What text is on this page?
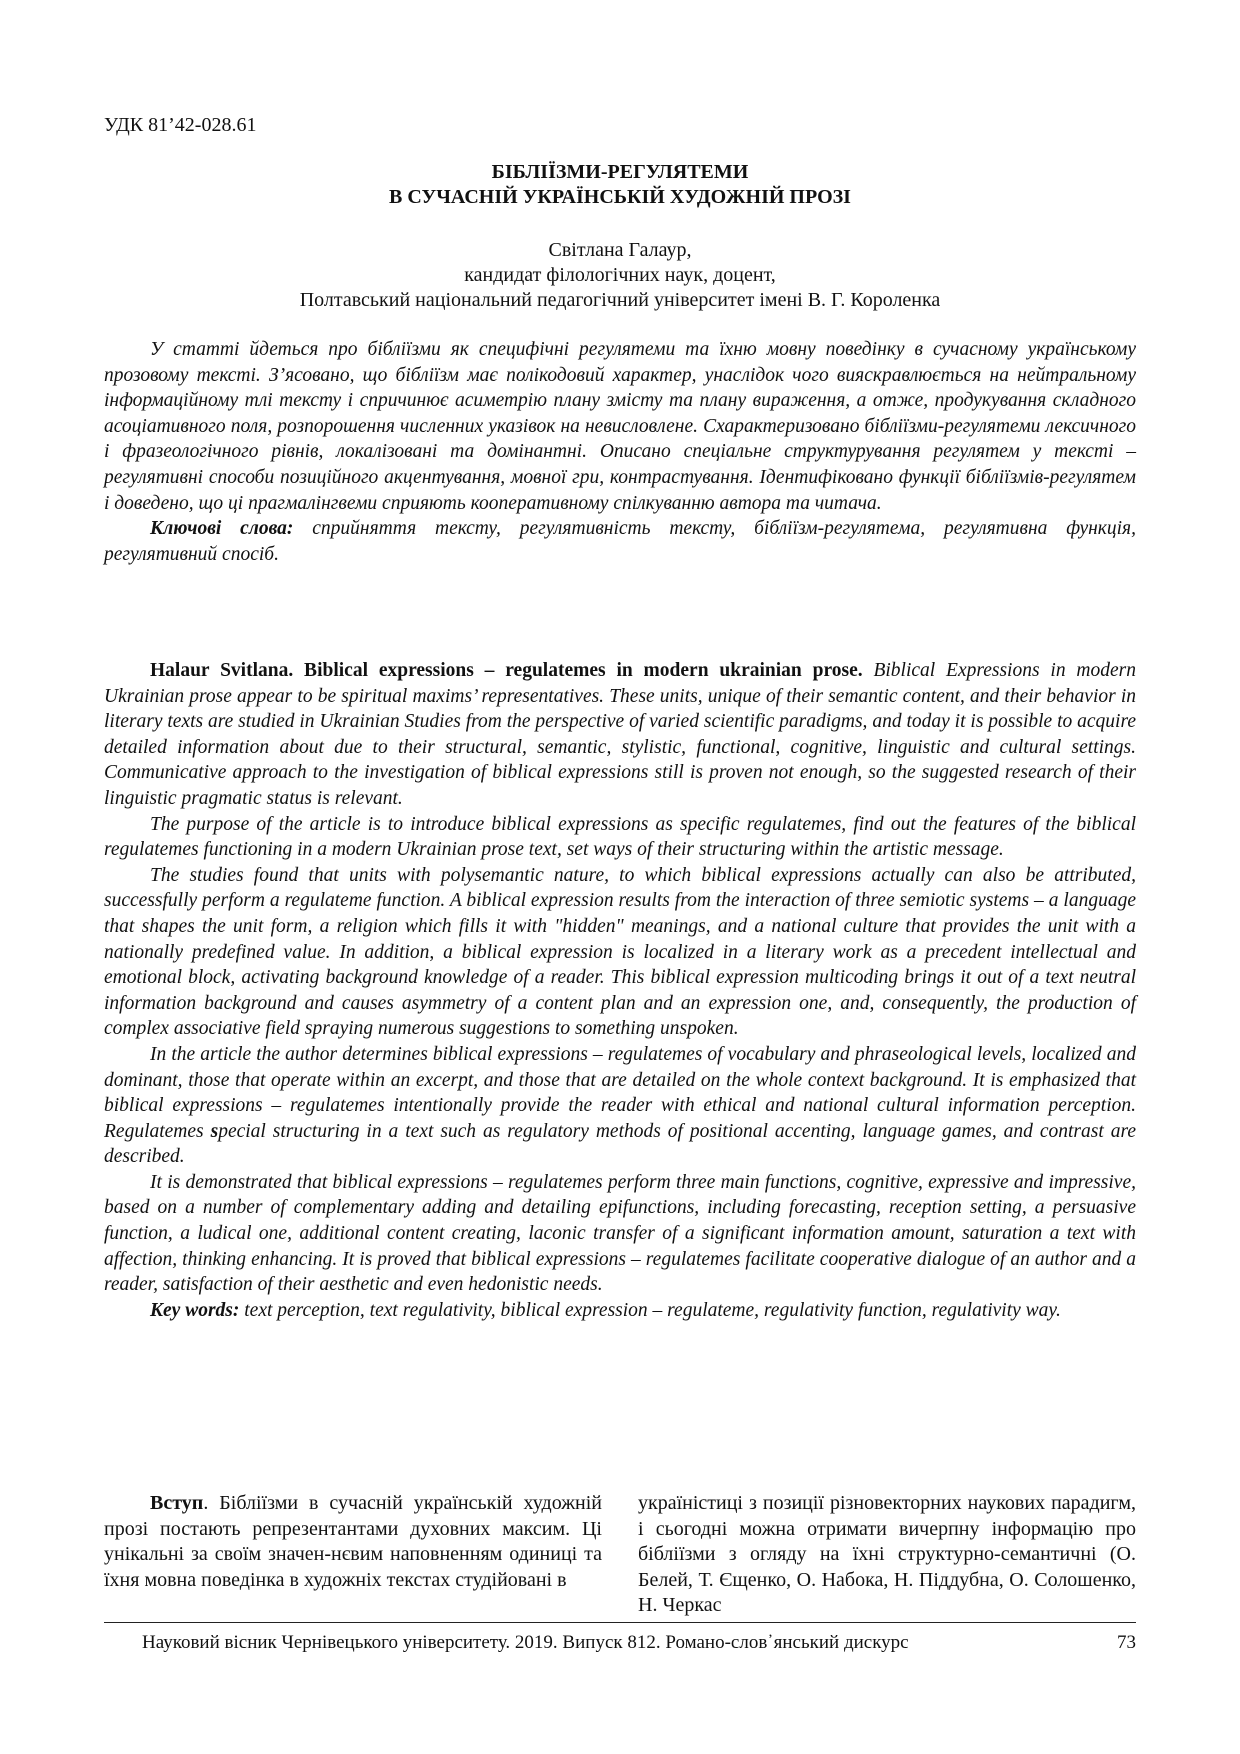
УДК 81’42-028.61
БІБЛІЇЗМИ-РЕГУЛЯТЕМИ
В СУЧАСНІЙ УКРАЇНСЬКІЙ ХУДОЖНІЙ ПРОЗІ
Світлана Галаур,
кандидат філологічних наук, доцент,
Полтавський національний педагогічний університет імені В. Г. Короленка

У статті йдеться про бібліїзми як специфічні регулятеми та їхню мовну поведінку в сучасному українському прозовому тексті. З’ясовано, що бібліїзм має полікодовий характер, унаслідок чого вияскравлюється на нейтральному інформаційному тлі тексту і спричинює асиметрію плану змісту та плану вираження, а отже, продукування складного асоціативного поля, розпорошення численних указівок на невисловлене. Схарактеризовано бібліїзми-регулятеми лексичного і фразеологічного рівнів, локалізовані та домінантні. Описано спеціальне структурування регулятем у тексті – регулятивні способи позиційного акцентування, мовної гри, контрастування. Ідентифіковано функції бібліїзмів-регулятем і доведено, що ці прагмалінгвеми сприяють кооперативному спілкуванню автора та читача.

Ключові слова: сприйняття тексту, регулятивність тексту, бібліїзм-регулятема, регулятивна функція, регулятивний спосіб.

Halaur Svitlana. Biblical expressions – regulatemes in modern ukrainian prose. Biblical Expressions in modern Ukrainian prose appear to be spiritual maxims’ representatives. These units, unique of their semantic content, and their behavior in literary texts are studied in Ukrainian Studies from the perspective of varied scientific paradigms, and today it is possible to acquire detailed information about due to their structural, semantic, stylistic, functional, cognitive, linguistic and cultural settings. Communicative approach to the investigation of biblical expressions still is proven not enough, so the suggested research of their linguistic pragmatic status is relevant.

The purpose of the article is to introduce biblical expressions as specific regulatemes, find out the features of the biblical regulatemes functioning in a modern Ukrainian prose text, set ways of their structuring within the artistic message.

The studies found that units with polysemantic nature, to which biblical expressions actually can also be attributed, successfully perform a regulateme function. A biblical expression results from the interaction of three semiotic systems – a language that shapes the unit form, a religion which fills it with "hidden" meanings, and a national culture that provides the unit with a nationally predefined value. In addition, a biblical expression is localized in a literary work as a precedent intellectual and emotional block, activating background knowledge of a reader. This biblical expression multicoding brings it out of a text neutral information background and causes asymmetry of a content plan and an expression one, and, consequently, the production of complex associative field spraying numerous suggestions to something unspoken.

In the article the author determines biblical expressions – regulatemes of vocabulary and phraseological levels, localized and dominant, those that operate within an excerpt, and those that are detailed on the whole context background. It is emphasized that biblical expressions – regulatemes intentionally provide the reader with ethical and national cultural information perception. Regulatemes special structuring in a text such as regulatory methods of positional accenting, language games, and contrast are described.

It is demonstrated that biblical expressions – regulatemes perform three main functions, cognitive, expressive and impressive, based on a number of complementary adding and detailing epifunctions, including forecasting, reception setting, a persuasive function, a ludical one, additional content creating, laconic transfer of a significant information amount, saturation a text with affection, thinking enhancing. It is proved that biblical expressions – regulatemes facilitate cooperative dialogue of an author and a reader, satisfaction of their aesthetic and even hedonistic needs.

Key words: text perception, text regulativity, biblical expression – regulateme, regulativity function, regulativity way.

Вступ. Бібліїзми в сучасній українській художній прозі постають репрезентантами духовних максим. Ці унікальні за своїм значен-нєвим наповненням одиниці та їхня мовна поведінка в художніх текстах студійовані в

україністиці з позиції різновекторних наукових парадигм, і сьогодні можна отримати вичерпну інформацію про бібліїзми з огляду на їхні структурно-семантичні (О. Белей, Т. Єщенко, О. Набока, Н. Піддубна, О. Солошенко, Н. Черкас

Науковий вісник Чернівецького університету. 2019. Випуск 812. Романо-слов᾽янський дискурс	73
